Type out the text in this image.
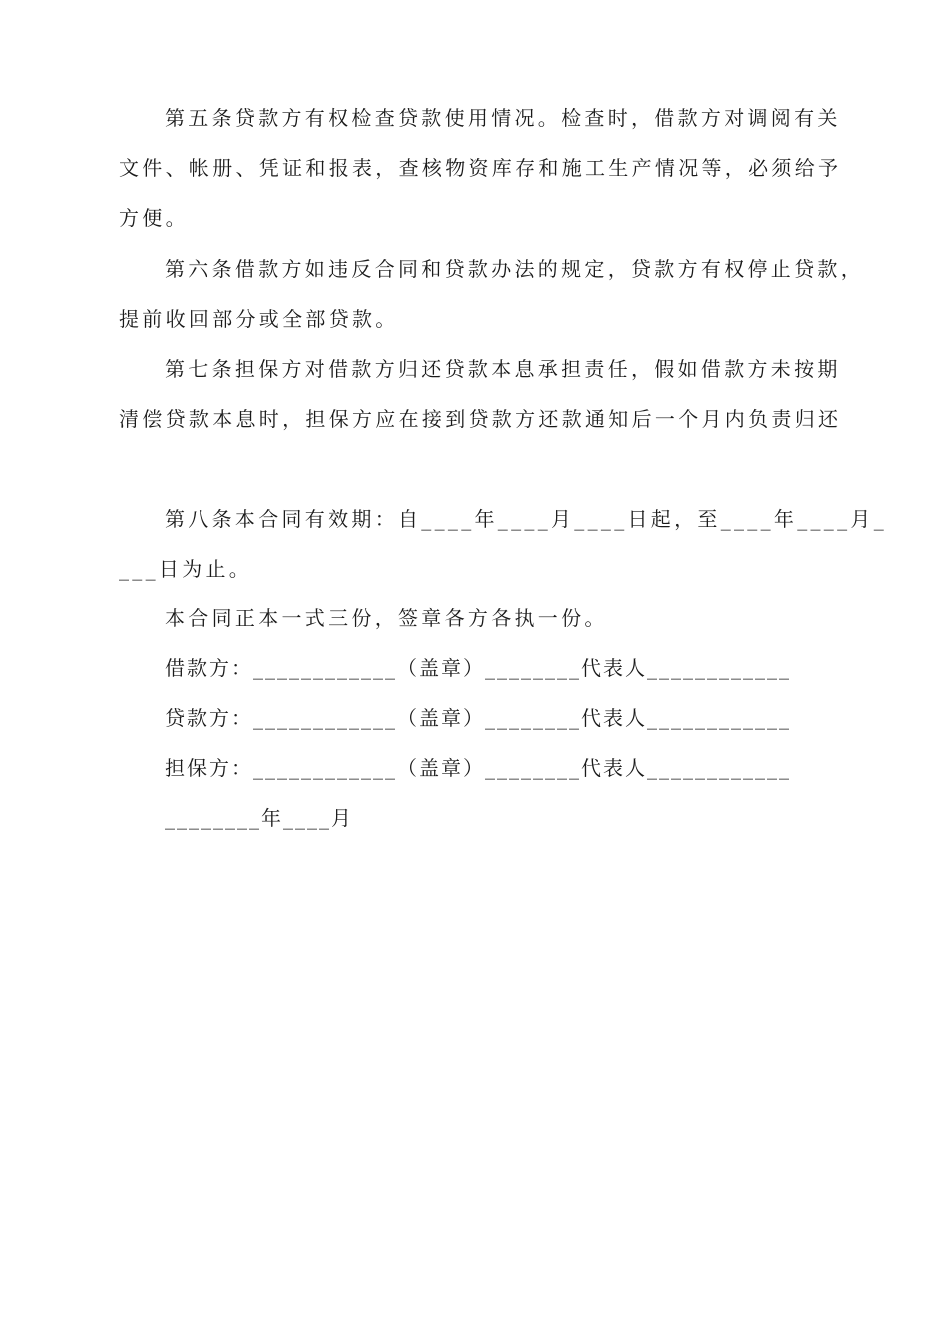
第五条贷款方有权检查贷款使用情况。检查时，借款方对调阅有关
文件、帐册、凭证和报表，查核物资库存和施工生产情况等，必须给予
方便。
第六条借款方如违反合同和贷款办法的规定，贷款方有权停止贷款，
提前收回部分或全部贷款。
第七条担保方对借款方归还贷款本息承担责任，假如借款方未按期
清偿贷款本息时，担保方应在接到贷款方还款通知后一个月内负责归还
第八条本合同有效期：自____年____月____日起，至____年____月_
___日为止。
本合同正本一式三份，签章各方各执一份。
借款方：____________（盖章）________代表人____________
贷款方：____________（盖章）________代表人____________
担保方：____________（盖章）________代表人____________
________年____月
